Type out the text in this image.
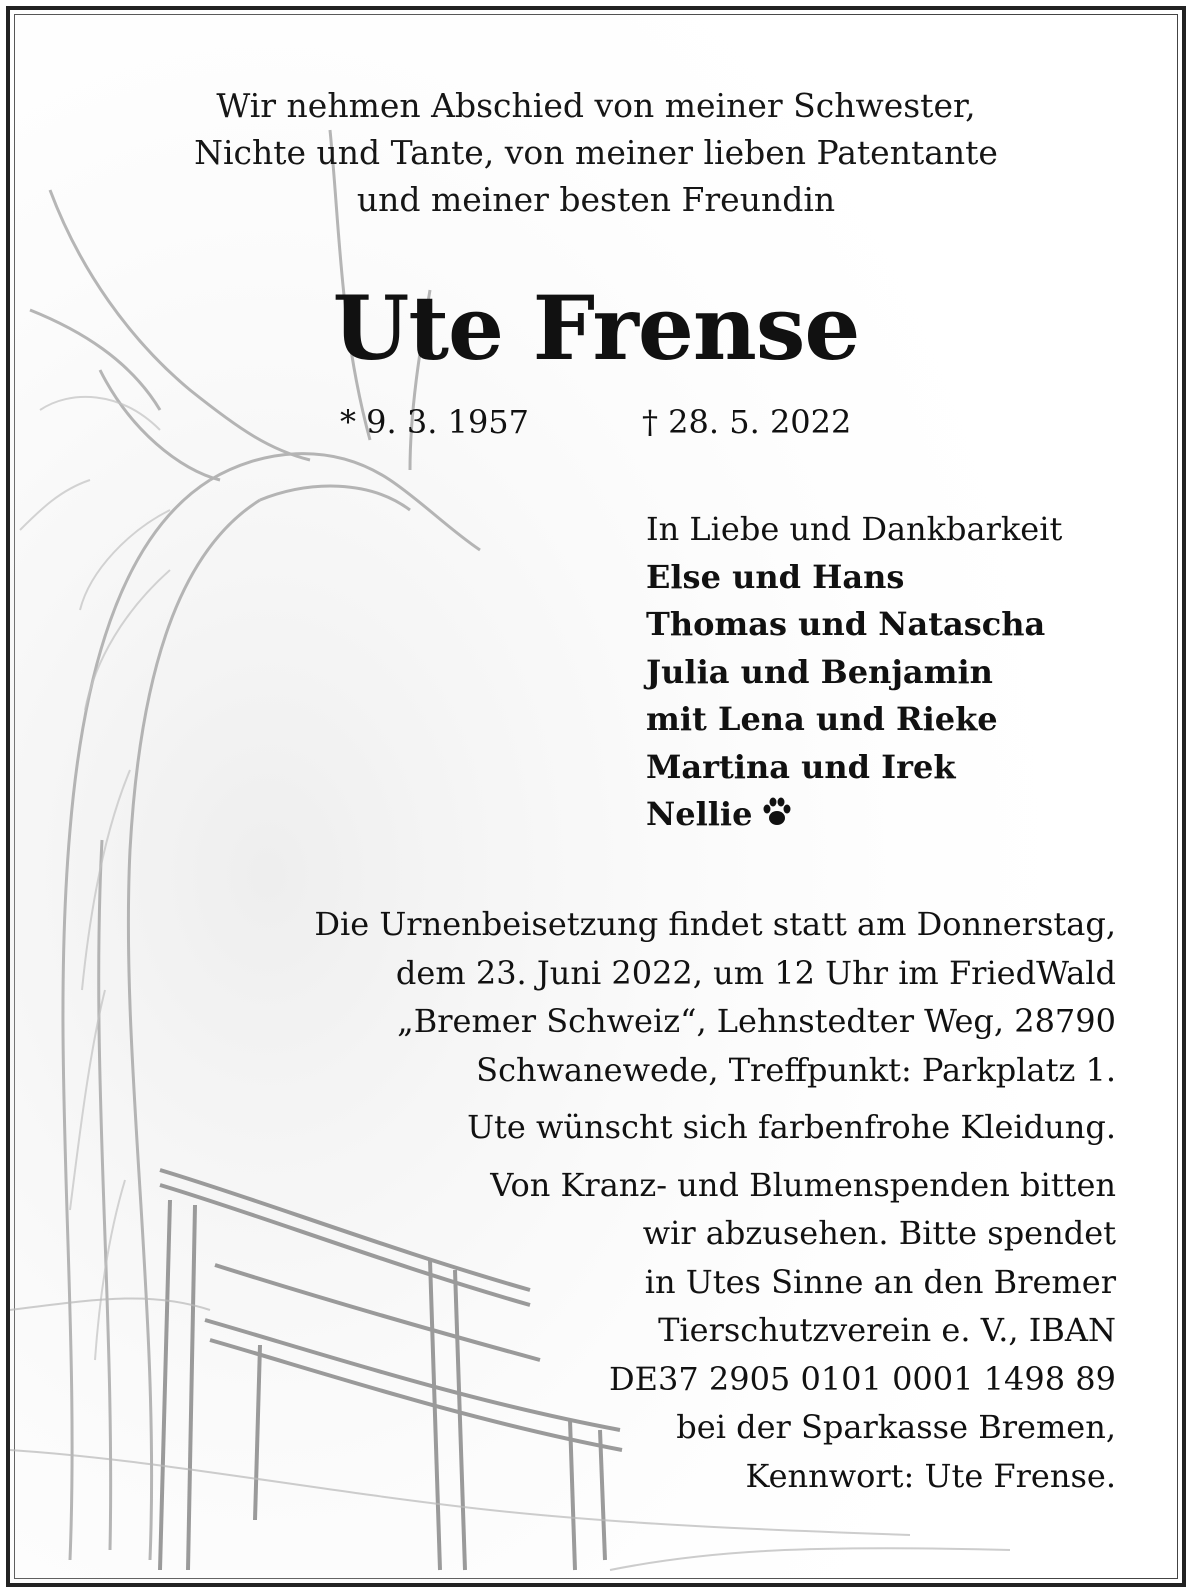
Wir nehmen Abschied von meiner Schwester,
Nichte und Tante, von meiner lieben Patentante
und meiner besten Freundin
Ute Frense
* 9. 3. 1957	† 28. 5. 2022
In Liebe und Dankbarkeit
Else und Hans
Thomas und Natascha
Julia und Benjamin
mit Lena und Rieke
Martina und Irek
Nellie
Die Urnenbeisetzung findet statt am Donnerstag,
dem 23. Juni 2022, um 12 Uhr im FriedWald
„Bremer Schweiz“, Lehnstedter Weg, 28790
Schwanewede, Treffpunkt: Parkplatz 1.
Ute wünscht sich farbenfrohe Kleidung.
Von Kranz- und Blumenspenden bitten
wir abzusehen. Bitte spendet
in Utes Sinne an den Bremer
Tierschutzverein e. V., IBAN
DE37 2905 0101 0001 1498 89
bei der Sparkasse Bremen,
Kennwort: Ute Frense.
